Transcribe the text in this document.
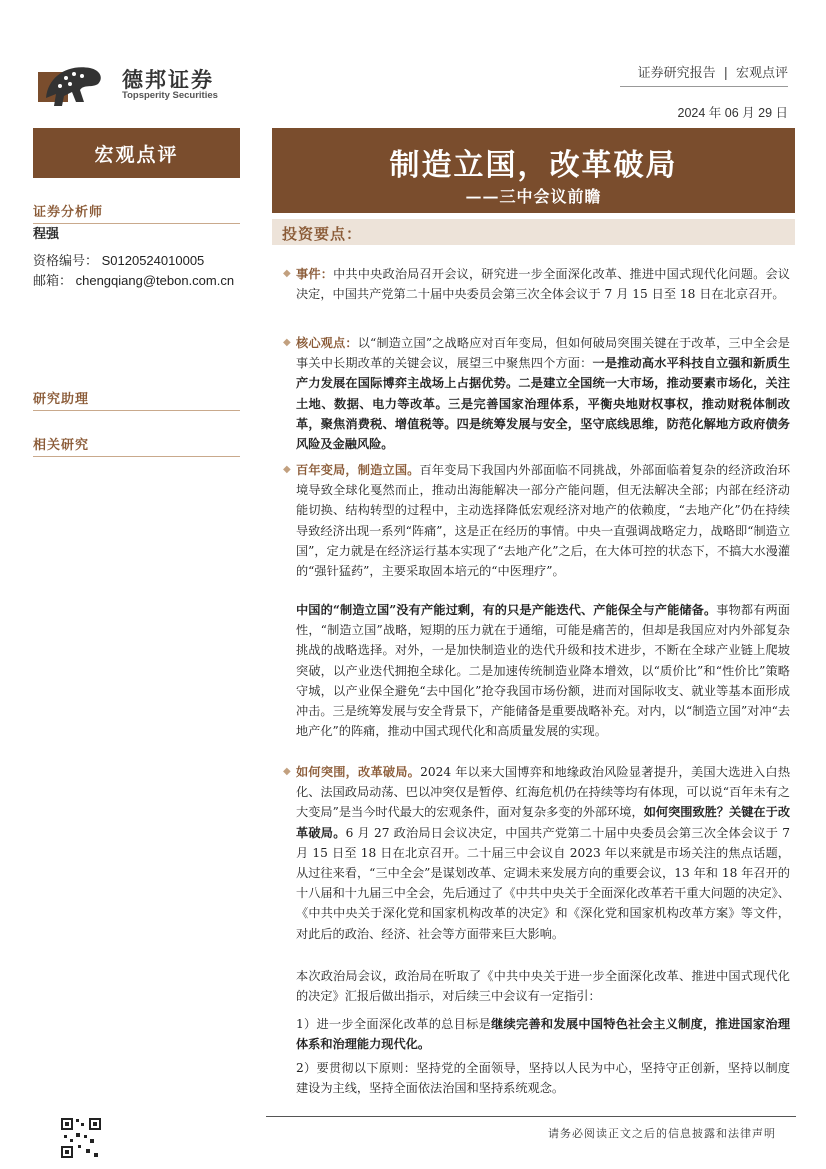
德邦证券
Topsperity Securities
证券研究报告 | 宏观点评
2024 年 06 月 29 日
宏观点评
证券分析师
程强
资格编号： S0120524010005
邮箱： chengqiang@tebon.com.cn
研究助理
相关研究
制造立国，改革破局
——三中会议前瞻
投资要点：
◆ 事件：中共中央政治局召开会议，研究进一步全面深化改革、推进中国式现代化问题。会议决定，中国共产党第二十届中央委员会第三次全体会议于 7 月 15 日至 18 日在北京召开。
◆ 核心观点：以“制造立国”之战略应对百年变局，但如何破局突围关键在于改革，三中全会是事关中长期改革的关键会议，展望三中聚焦四个方面：一是推动高水平科技自立强和新质生产力发展在国际博弈主战场上占据优势。二是建立全国统一大市场，推动要素市场化，关注土地、数据、电力等改革。三是完善国家治理体系，平衡央地财权事权，推动财税体制改革，聚焦消费税、增值税等。四是统筹发展与安全，坚守底线思维，防范化解地方政府债务风险及金融风险。
◆ 百年变局，制造立国。百年变局下我国内外部面临不同挑战，外部面临着复杂的经济政治环境导致全球化戛然而止，推动出海能解决一部分产能问题，但无法解决全部；内部在经济动能切换、结构转型的过程中，主动选择降低宏观经济对地产的依赖度，“去地产化”仍在持续导致经济出现一系列“阵痛”，这是正在经历的事情。中央一直强调战略定力，战略即“制造立国”，定力就是在经济运行基本实现了“去地产化”之后，在大体可控的状态下，不搞大水漫灌的“强针猛药”，主要采取固本培元的“中医理疗”。
中国的“制造立国”没有产能过剩，有的只是产能迭代、产能保全与产能储备。事物都有两面性，“制造立国”战略，短期的压力就在于通缩，可能是痛苦的，但却是我国应对内外部复杂挑战的战略选择。对外，一是加快制造业的迭代升级和技术进步，不断在全球产业链上爬坡突破，以产业迭代拥抱全球化。二是加速传统制造业降本增效，以“质价比”和“性价比”策略守城，以产业保全避免“去中国化”抢夺我国市场份额，进而对国际收支、就业等基本面形成冲击。三是统筹发展与安全背景下，产能储备是重要战略补充。对内，以“制造立国”对冲“去地产化”的阵痛，推动中国式现代化和高质量发展的实现。
◆ 如何突围，改革破局。2024 年以来大国博弈和地缘政治风险显著提升，美国大选进入白热化、法国政局动荡、巴以冲突仅是暂停、红海危机仍在持续等均有体现，可以说“百年未有之大变局”是当今时代最大的宏观条件，面对复杂多变的外部环境，如何突围致胜？关键在于改革破局。6 月 27 政治局日会议决定，中国共产党第二十届中央委员会第三次全体会议于 7 月 15 日至 18 日在北京召开。二十届三中会议自 2023 年以来就是市场关注的焦点话题，从过往来看，“三中全会”是谋划改革、定调未来发展方向的重要会议，13 年和 18 年召开的十八届和十九届三中全会，先后通过了《中共中央关于全面深化改革若干重大问题的决定》、《中共中央关于深化党和国家机构改革的决定》和《深化党和国家机构改革方案》等文件，对此后的政治、经济、社会等方面带来巨大影响。
本次政治局会议，政治局在听取了《中共中央关于进一步全面深化改革、推进中国式现代化的决定》汇报后做出指示，对后续三中会议有一定指引：
1）进一步全面深化改革的总目标是继续完善和发展中国特色社会主义制度，推进国家治理体系和治理能力现代化。
2）要贯彻以下原则：坚持党的全面领导，坚持以人民为中心，坚持守正创新，坚持以制度建设为主线，坚持全面依法治国和坚持系统观念。
请务必阅读正文之后的信息披露和法律声明
